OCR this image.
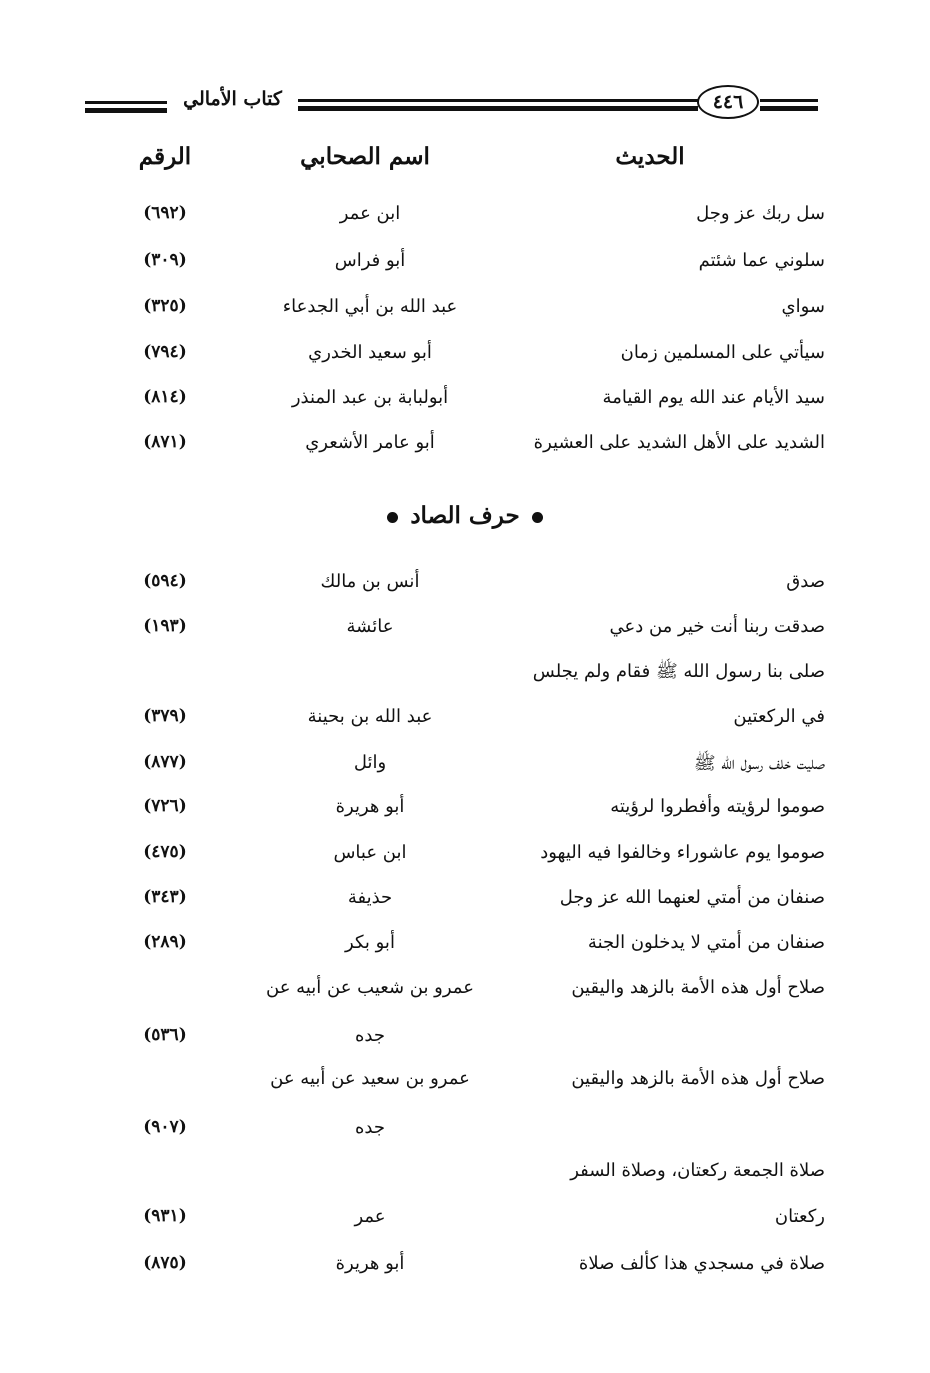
كتاب الأمالي	٤٤٦
الحديث
اسم الصحابي
الرقم
سل ربك عز وجل
ابن عمر
(٦٩٢)
سلوني عما شئتم
أبو فراس
(٣٠٩)
سواي
عبد الله بن أبي الجدعاء
(٣٢٥)
سيأتي على المسلمين زمان
أبو سعيد الخدري
(٧٩٤)
سيد الأيام عند الله يوم القيامة
أبولبابة بن عبد المنذر
(٨١٤)
الشديد على الأهل الشديد على العشيرة
أبو عامر الأشعري
(٨٧١)
حرف الصاد
صدق
أنس بن مالك
(٥٩٤)
صدقت ربنا أنت خير من دعي
عائشة
(١٩٣)
صلى بنا رسول الله ﷺ فقام ولم يجلس
في الركعتين
عبد الله بن بحينة
(٣٧٩)
صليت خلف رسول الله ﷺ
وائل
(٨٧٧)
صوموا لرؤيته وأفطروا لرؤيته
أبو هريرة
(٧٢٦)
صوموا يوم عاشوراء وخالفوا فيه اليهود
ابن عباس
(٤٧٥)
صنفان من أمتي لعنهما الله عز وجل
حذيفة
(٣٤٣)
صنفان من أمتي لا يدخلون الجنة
أبو بكر
(٢٨٩)
صلاح أول هذه الأمة بالزهد واليقين
عمرو بن شعيب عن أبيه عن
جده
(٥٣٦)
صلاح أول هذه الأمة بالزهد واليقين
عمرو بن سعيد عن أبيه عن
جده
(٩٠٧)
صلاة الجمعة ركعتان، وصلاة السفر
ركعتان
عمر
(٩٣١)
صلاة في مسجدي هذا كألف صلاة
أبو هريرة
(٨٧٥)
